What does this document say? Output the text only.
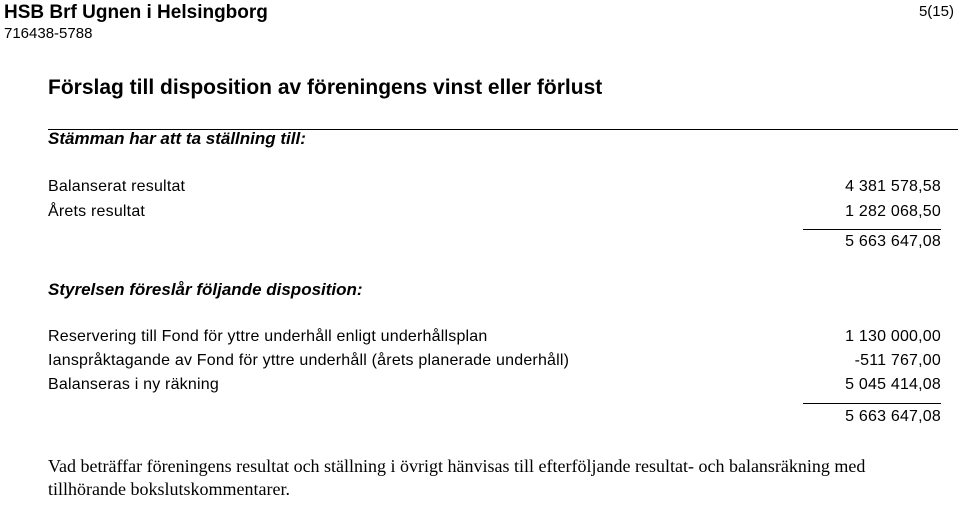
HSB Brf Ugnen i Helsingborg
716438-5788
5(15)
Förslag till disposition av föreningens vinst eller förlust
Stämman har att ta ställning till:
Balanserat resultat	4 381 578,58
Årets resultat	1 282 068,50
5 663 647,08
Styrelsen föreslår följande disposition:
Reservering till Fond för yttre underhåll enligt underhållsplan	1 130 000,00
Ianspråktagande av Fond för yttre underhåll (årets planerade underhåll)	-511 767,00
Balanseras i ny räkning	5 045 414,08
5 663 647,08
Vad beträffar föreningens resultat och ställning i övrigt hänvisas till efterföljande resultat- och balansräkning med tillhörande bokslutskommentarer.
